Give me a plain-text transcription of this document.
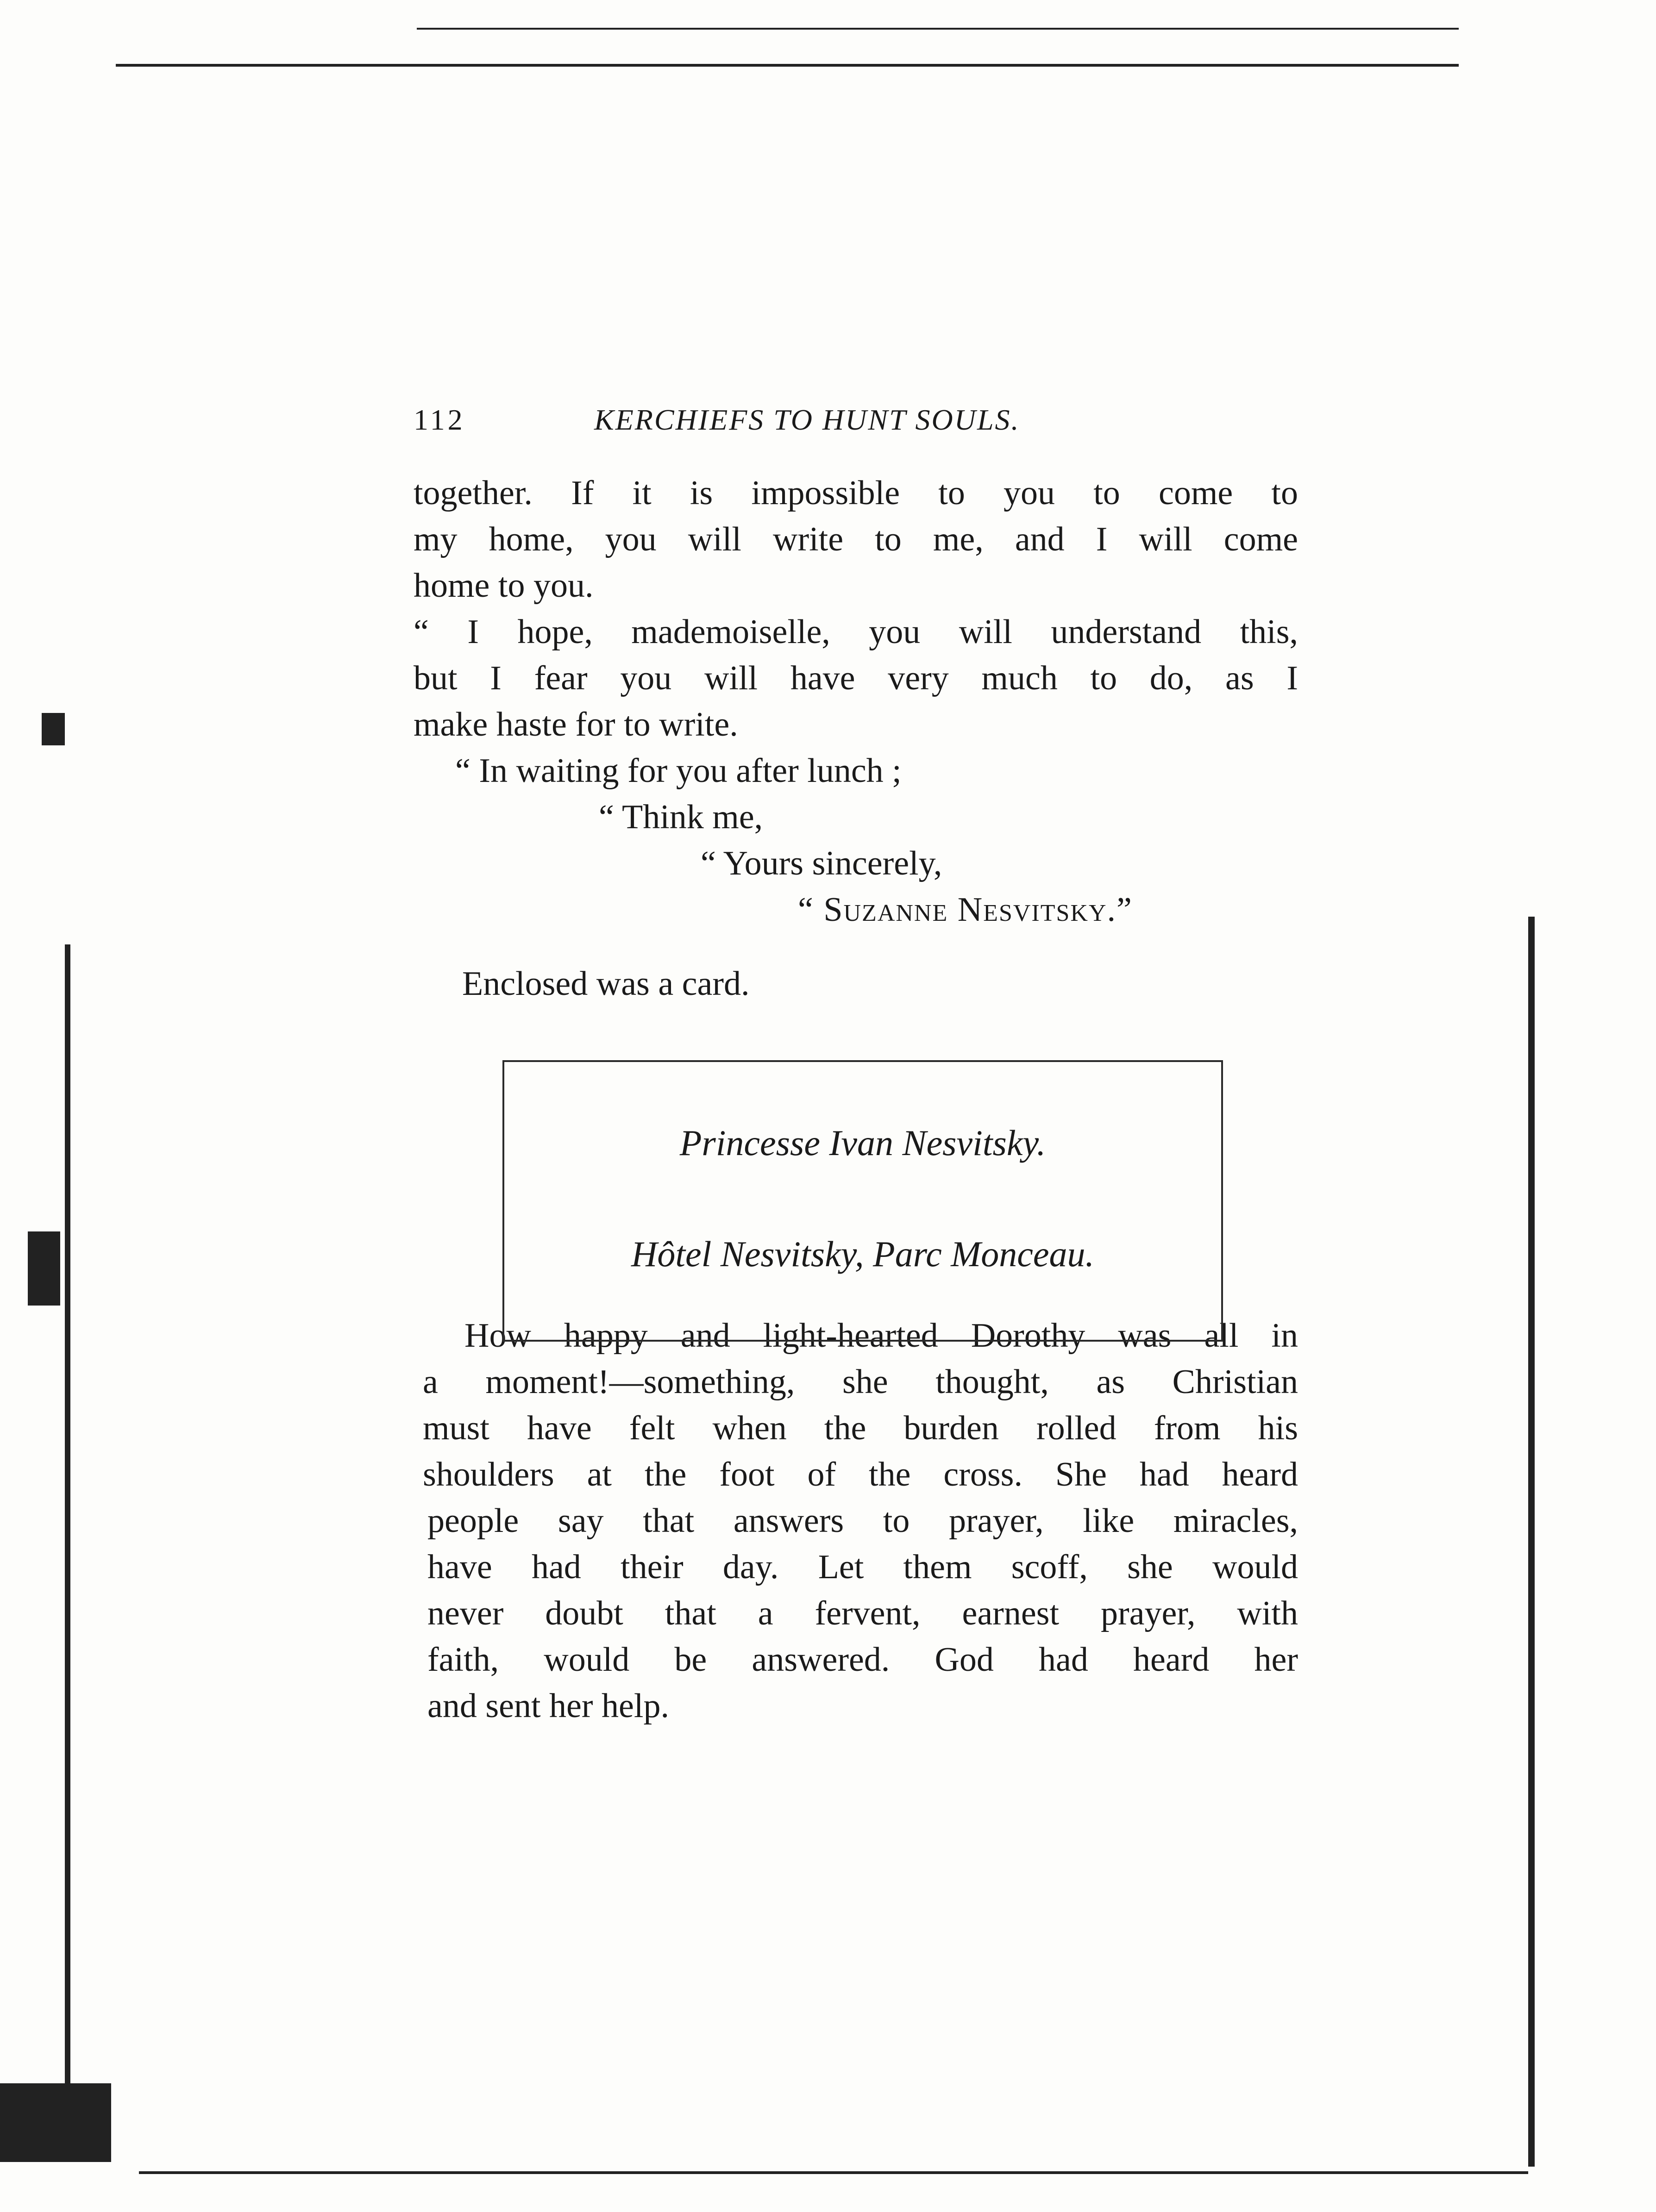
112	KERCHIEFS TO HUNT SOULS.
together. If it is impossible to you to come to
my home, you will write to me, and I will come
home to you.
“ I hope, mademoiselle, you will understand this,
but I fear you will have very much to do, as I
make haste for to write.
“ In waiting for you after lunch ;
“ Think me,
“ Yours sincerely,
“ Suzanne Nesvitsky.”
Enclosed was a card.
How happy and light-hearted Dorothy was all in
a moment!—something, she thought, as Christian
must have felt when the burden rolled from his
shoulders at the foot of the cross. She had heard
people say that answers to prayer, like miracles,
have had their day. Let them scoff, she would
never doubt that a fervent, earnest prayer, with
faith, would be answered. God had heard her
and sent her help.
Princesse Ivan Nesvitsky.
Hôtel Nesvitsky, Parc Monceau.
